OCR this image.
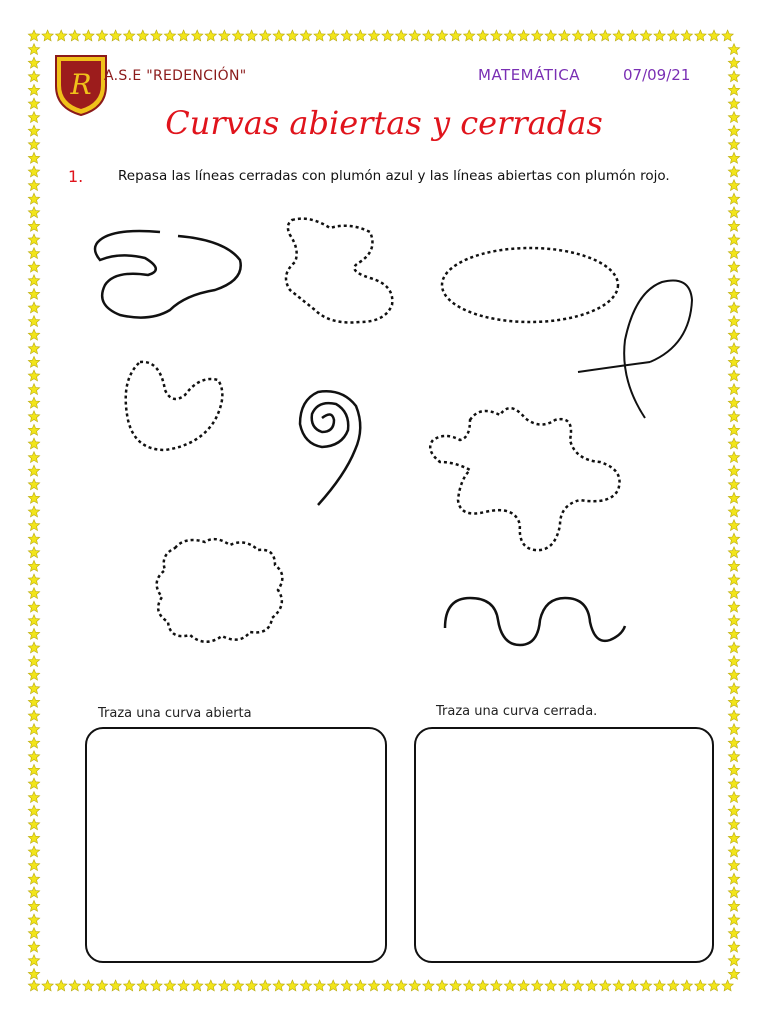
R A.S.E "REDENCIÓN"	MATEMÁTICA	07/09/21
Curvas abiertas y cerradas
1.	Repasa las líneas cerradas con plumón azul y las líneas abiertas con plumón rojo.
Traza una curva abierta	Traza una curva cerrada.
